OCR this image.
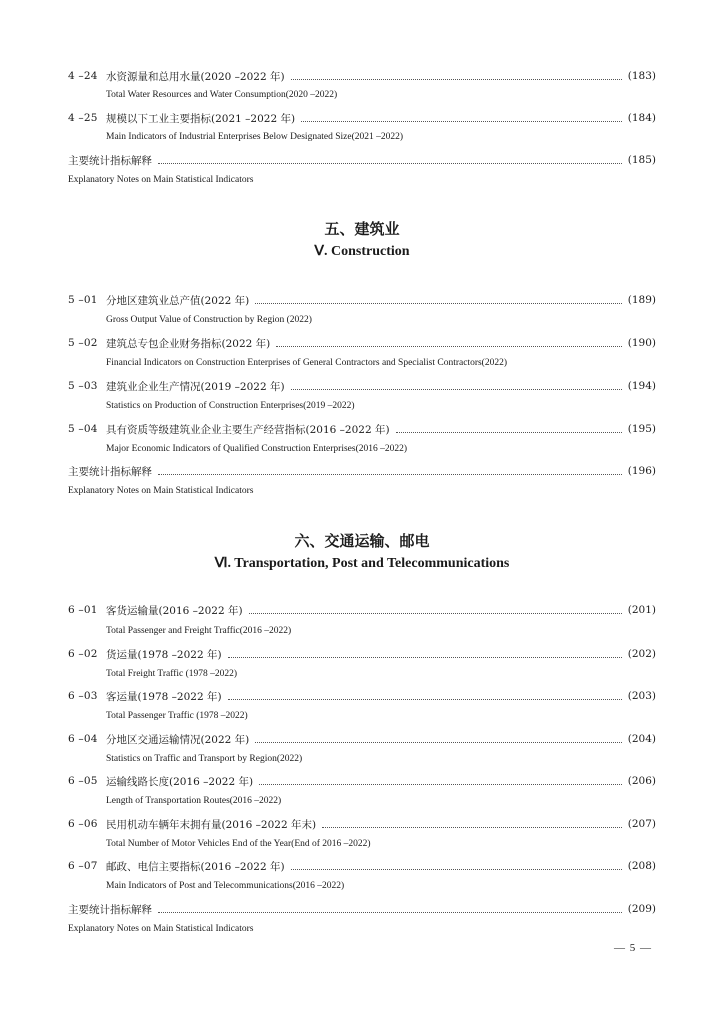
4 –24 水资源量和总用水量(2020 –2022 年)	(183)
Total Water Resources and Water Consumption(2020 –2022)
4 –25 规模以下工业主要指标(2021 –2022 年)	(184)
Main Indicators of Industrial Enterprises Below Designated Size(2021 –2022)
主要统计指标解释	(185)
Explanatory Notes on Main Statistical Indicators
五、建筑业
Ⅴ. Construction
5 –01 分地区建筑业总产值(2022 年)	(189)
Gross Output Value of Construction by Region (2022)
5 –02 建筑总专包企业财务指标(2022 年)	(190)
Financial Indicators on Construction Enterprises of General Contractors and Specialist Contractors(2022)
5 –03 建筑业企业生产情况(2019 –2022 年)	(194)
Statistics on Production of Construction Enterprises(2019 –2022)
5 –04 具有资质等级建筑业企业主要生产经营指标(2016 –2022 年)	(195)
Major Economic Indicators of Qualified Construction Enterprises(2016 –2022)
主要统计指标解释	(196)
Explanatory Notes on Main Statistical Indicators
六、交通运输、邮电
Ⅵ. Transportation, Post and Telecommunications
6 –01 客货运输量(2016 –2022 年)	(201)
Total Passenger and Freight Traffic(2016 –2022)
6 –02 货运量(1978 –2022 年)	(202)
Total Freight Traffic (1978 –2022)
6 –03 客运量(1978 –2022 年)	(203)
Total Passenger Traffic (1978 –2022)
6 –04 分地区交通运输情况(2022 年)	(204)
Statistics on Traffic and Transport by Region(2022)
6 –05 运输线路长度(2016 –2022 年)	(206)
Length of Transportation Routes(2016 –2022)
6 –06 民用机动车辆年末拥有量(2016 –2022 年末)	(207)
Total Number of Motor Vehicles End of the Year(End of 2016 –2022)
6 –07 邮政、电信主要指标(2016 –2022 年)	(208)
Main Indicators of Post and Telecommunications(2016 –2022)
主要统计指标解释	(209)
Explanatory Notes on Main Statistical Indicators
— 5 —
